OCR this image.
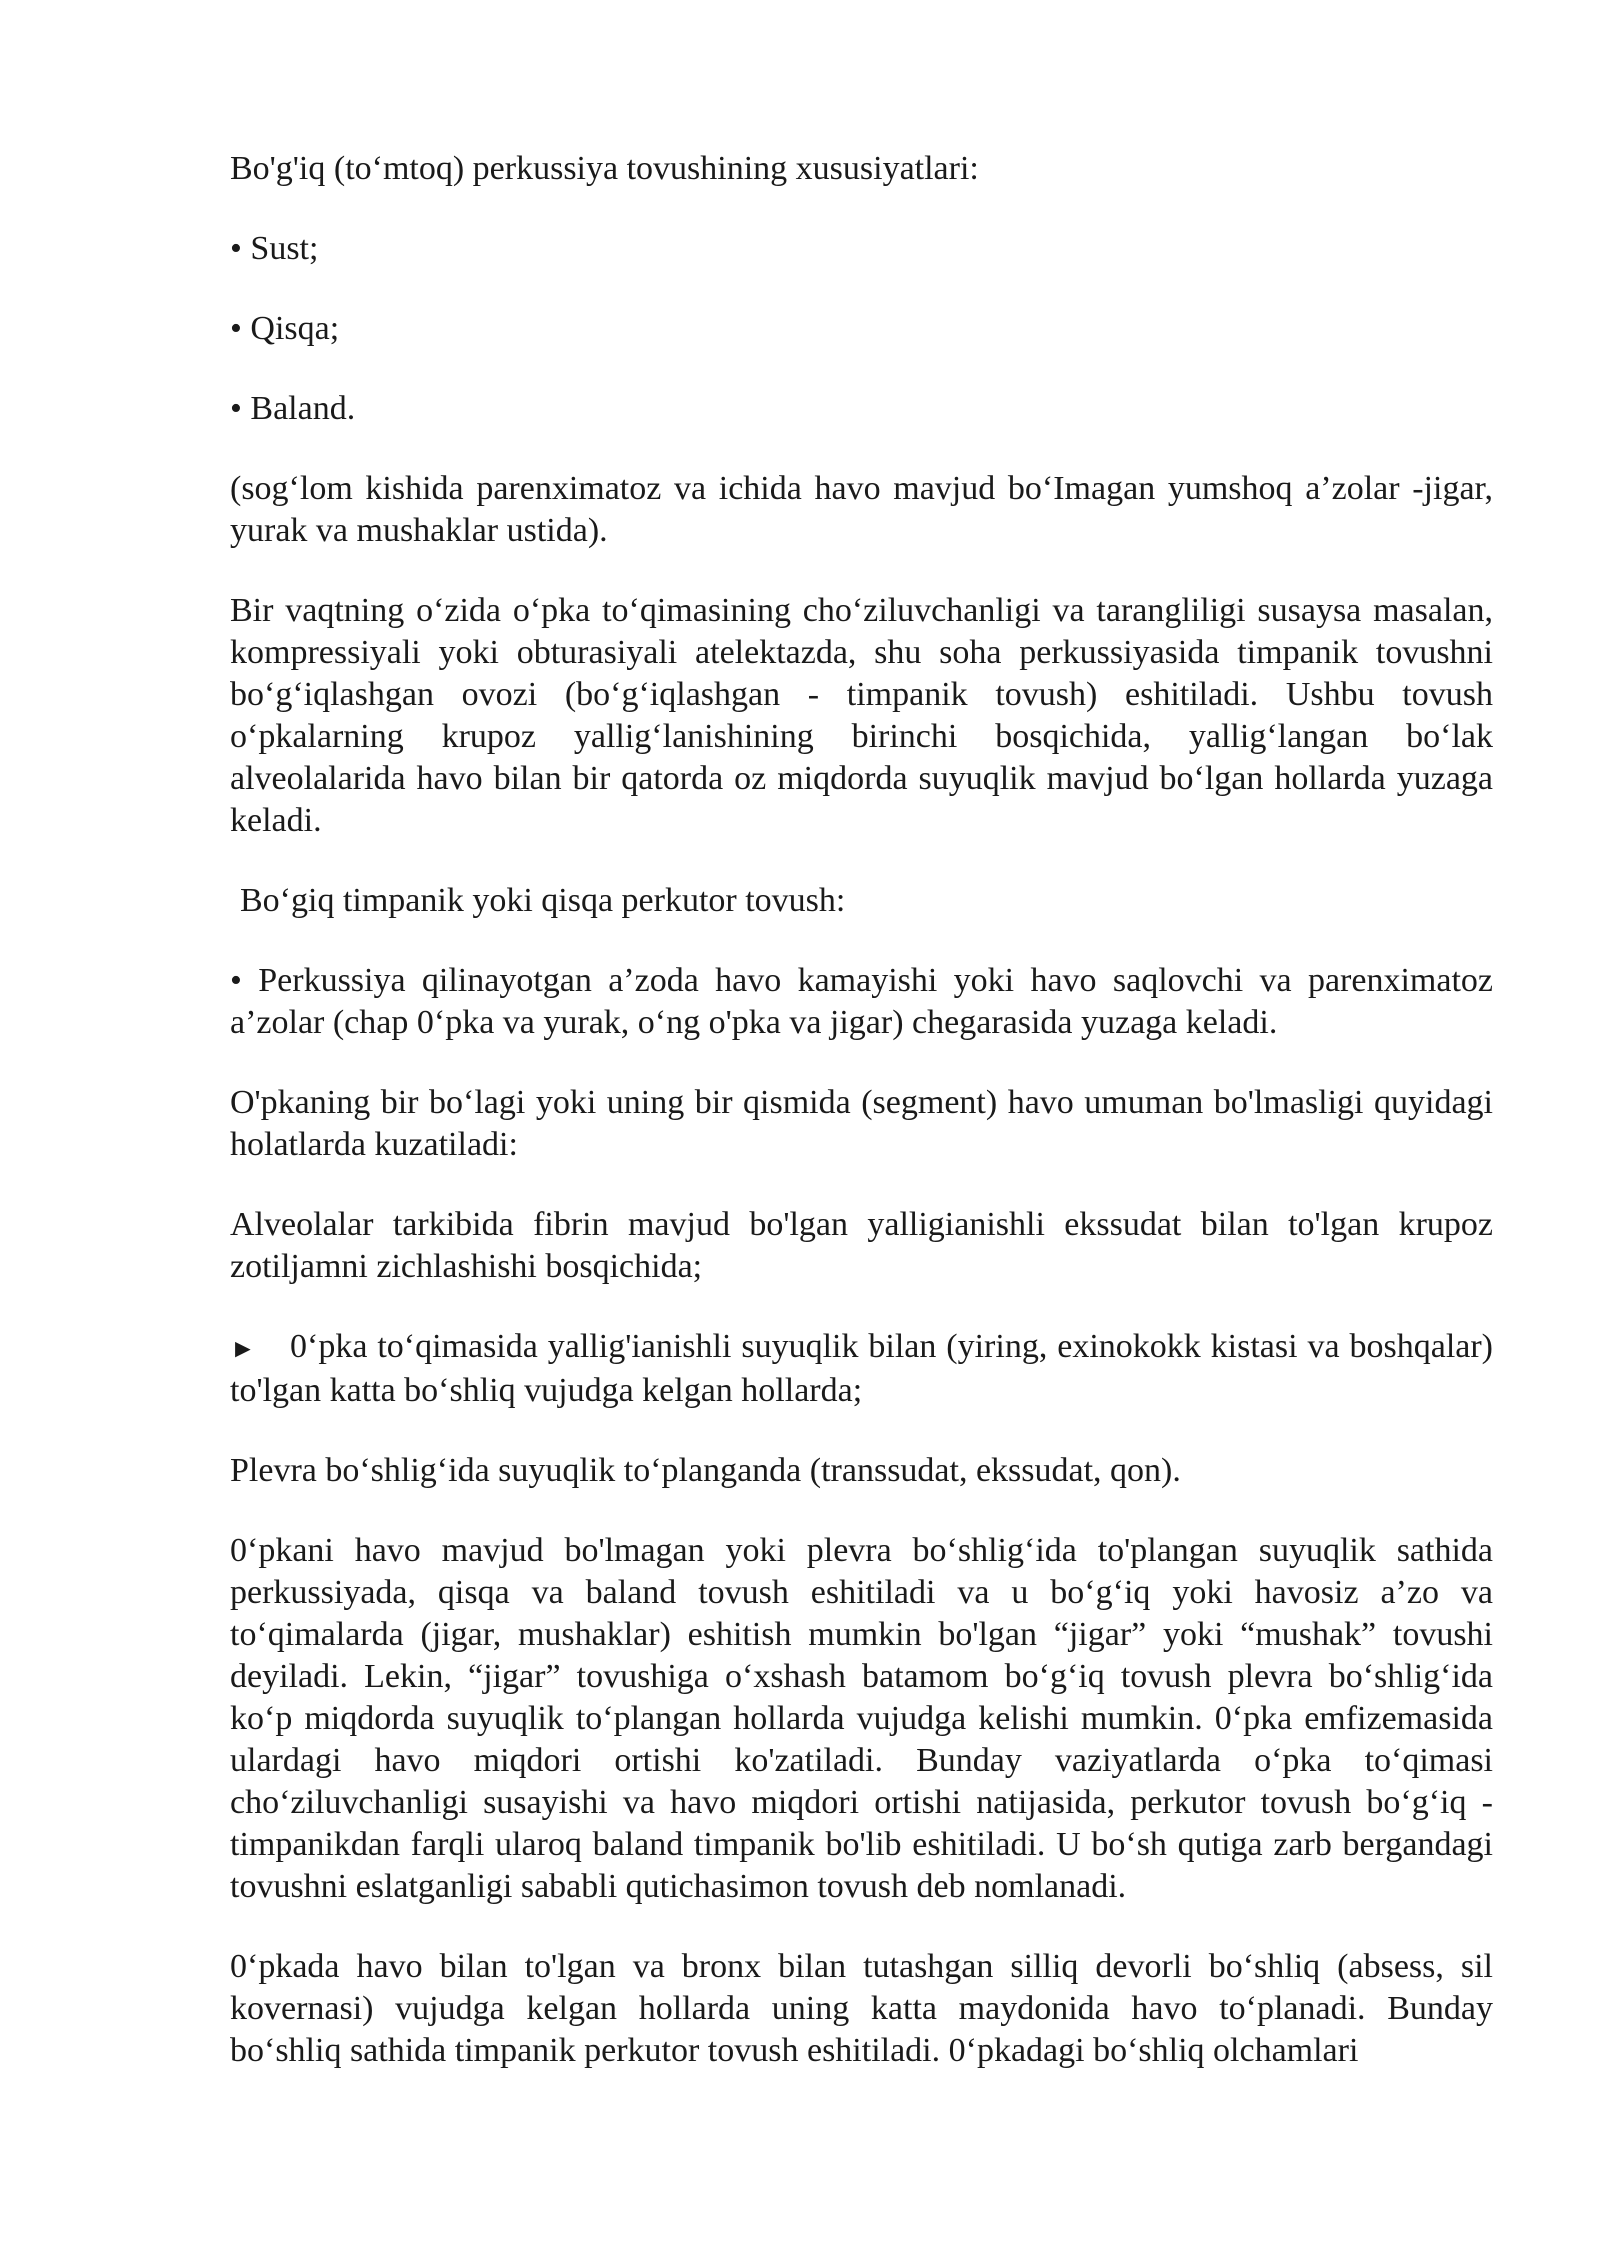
Bo'g'iq (to‘mtoq) perkussiya tovushining xususiyatlari:

• Sust;

• Qisqa;

• Baland.

(sog‘lom kishida parenximatoz va ichida havo mavjud bo‘Imagan yumshoq a’zolar -jigar, yurak va mushaklar ustida).

Bir vaqtning o‘zida o‘pka to‘qimasining cho‘ziluvchanligi va tarangliligi susaysa masalan, kompressiyali yoki obturasiyali atelektazda, shu soha perkussiyasida timpanik tovushni bo‘g‘iqlashgan ovozi (bo‘g‘iqlashgan - timpanik tovush) eshitiladi. Ushbu tovush o‘pkalarning krupoz yallig‘lanishining birinchi bosqichida, yallig‘langan bo‘lak alveolalarida havo bilan bir qatorda oz miqdorda suyuqlik mavjud bo‘lgan hollarda yuzaga keladi.

Bo‘giq timpanik yoki qisqa perkutor tovush:

• Perkussiya qilinayotgan a’zoda havo kamayishi yoki havo saqlovchi va parenximatoz a’zolar (chap 0‘pka va yurak, o‘ng o'pka va jigar) chegarasida yuzaga keladi.

O'pkaning bir bo‘lagi yoki uning bir qismida (segment) havo umuman bo'lmasligi quyidagi holatlarda kuzatiladi:

Alveolalar tarkibida fibrin mavjud bo'lgan yalligianishli ekssudat bilan to'lgan krupoz zotiljamni zichlashishi bosqichida;

► 0‘pka to‘qimasida yallig'ianishli suyuqlik bilan (yiring, exinokokk kistasi va boshqalar) to'lgan katta bo‘shliq vujudga kelgan hollarda;

Plevra bo‘shlig‘ida suyuqlik to‘planganda (transsudat, ekssudat, qon).

0‘pkani havo mavjud bo'lmagan yoki plevra bo‘shlig‘ida to'plangan suyuqlik sathida perkussiyada, qisqa va baland tovush eshitiladi va u bo‘g‘iq yoki havosiz a’zo va to‘qimalarda (jigar, mushaklar) eshitish mumkin bo'lgan “jigar” yoki “mushak” tovushi deyiladi. Lekin, “jigar” tovushiga o‘xshash batamom bo‘g‘iq tovush plevra bo‘shlig‘ida ko‘p miqdorda suyuqlik to‘plangan hollarda vujudga kelishi mumkin. 0‘pka emfizemasida ulardagi havo miqdori ortishi ko'zatiladi. Bunday vaziyatlarda o‘pka to‘qimasi cho‘ziluvchanligi susayishi va havo miqdori ortishi natijasida, perkutor tovush bo‘g‘iq - timpanikdan farqli ularoq baland timpanik bo'lib eshitiladi. U bo‘sh qutiga zarb bergandagi tovushni eslatganligi sababli qutichasimon tovush deb nomlanadi.

0‘pkada havo bilan to'lgan va bronx bilan tutashgan silliq devorli bo‘shliq (absess, sil kovernasi) vujudga kelgan hollarda uning katta maydonida havo to‘planadi. Bunday bo‘shliq sathida timpanik perkutor tovush eshitiladi. 0‘pkadagi bo‘shliq olchamlari
